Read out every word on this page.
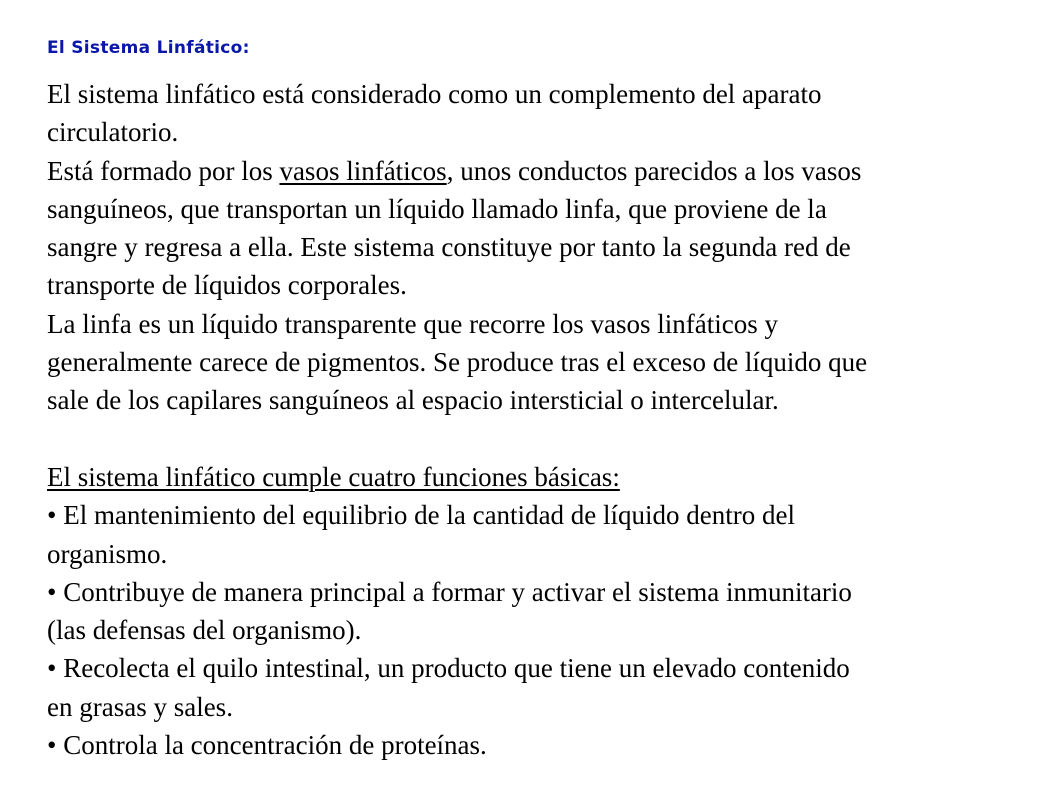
El Sistema Linfático:
El sistema linfático está considerado como un complemento del aparato
circulatorio.
Está formado por los vasos linfáticos, unos conductos parecidos a los vasos
sanguíneos, que transportan un líquido llamado linfa, que proviene de la
sangre y regresa a ella. Este sistema constituye por tanto la segunda red de
transporte de líquidos corporales.
La linfa es un líquido transparente que recorre los vasos linfáticos y
generalmente carece de pigmentos. Se produce tras el exceso de líquido que
sale de los capilares sanguíneos al espacio intersticial o intercelular.
El sistema linfático cumple cuatro funciones básicas:
• El mantenimiento del equilibrio de la cantidad de líquido dentro del
organismo.
• Contribuye de manera principal a formar y activar el sistema inmunitario
(las defensas del organismo).
• Recolecta el quilo intestinal, un producto que tiene un elevado contenido
en grasas y sales.
• Controla la concentración de proteínas.
